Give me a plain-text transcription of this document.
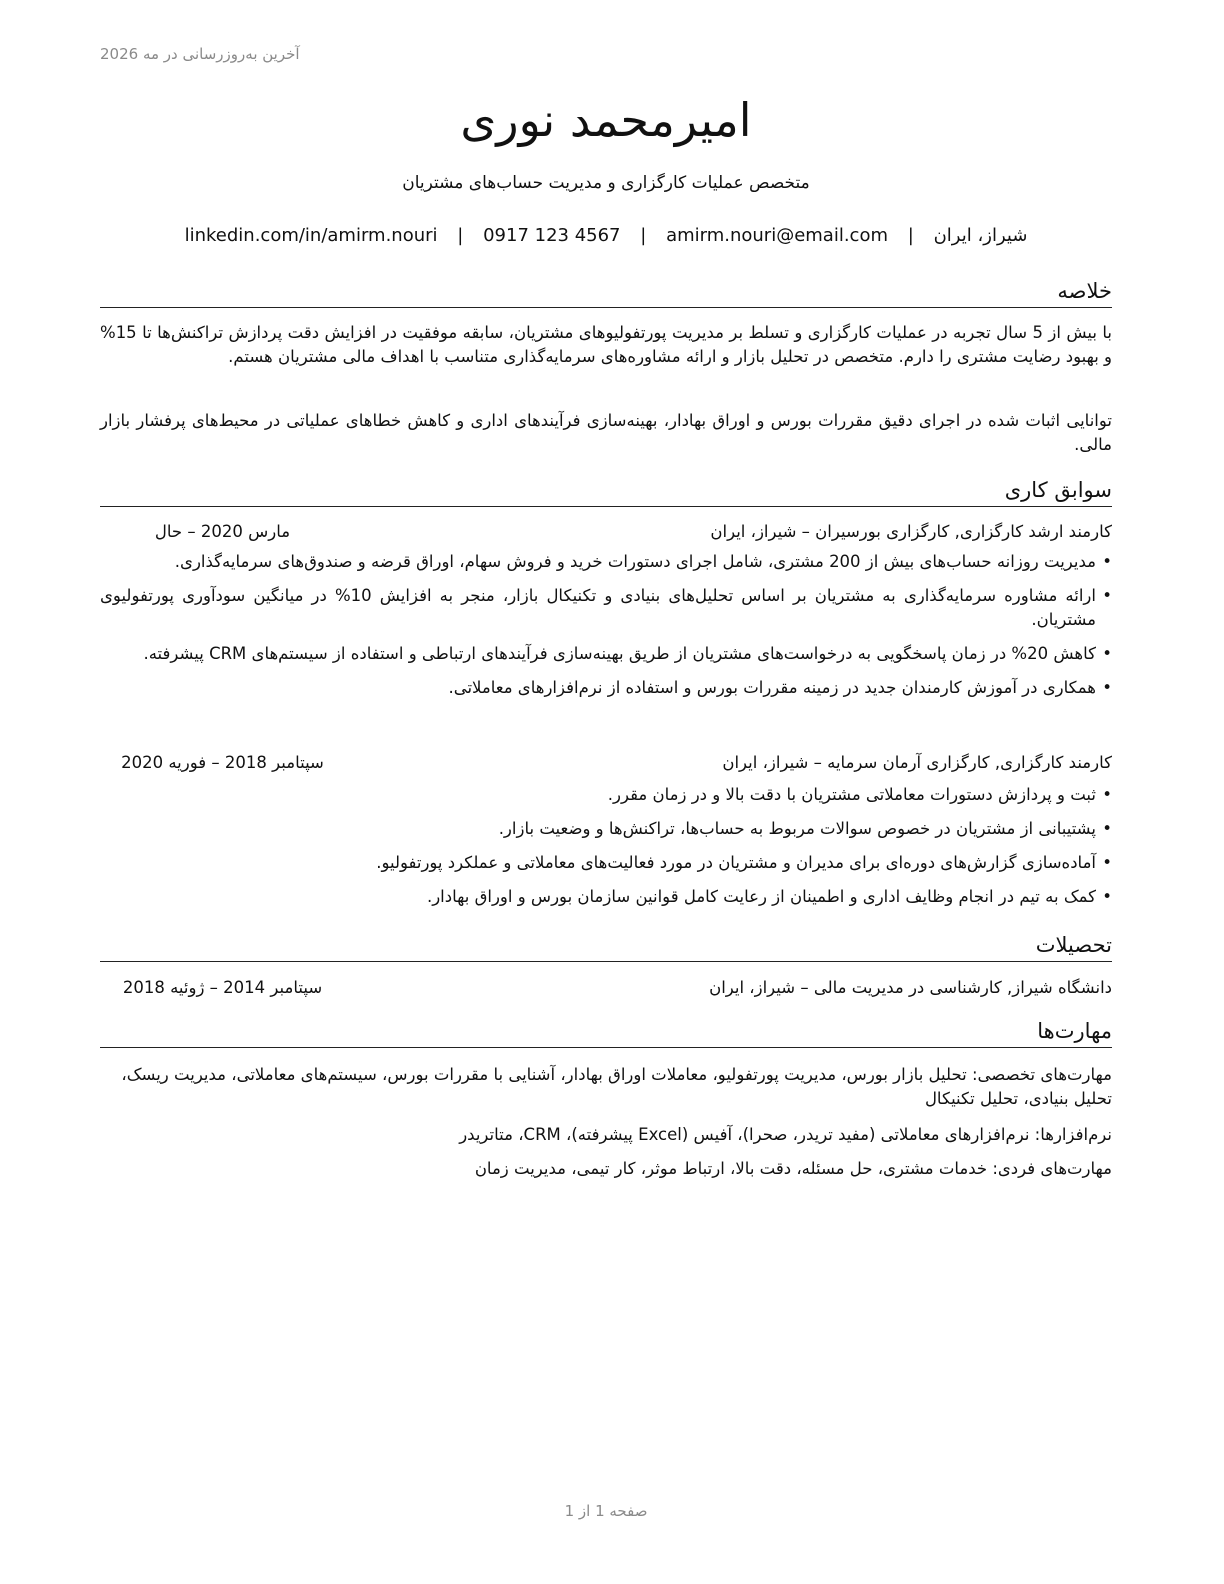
آخرین به‌روزرسانی در مه 2026
امیرمحمد نوری
متخصص عملیات کارگزاری و مدیریت حساب‌های مشتریان
شیراز، ایران | amirm.nouri@email.com | 0917 123 4567 | linkedin.com/in/amirm.nouri
خلاصه
با بیش از 5 سال تجربه در عملیات کارگزاری و تسلط بر مدیریت پورتفولیوهای مشتریان، سابقه موفقیت در افزایش دقت پردازش تراکنش‌ها تا 15% و بهبود رضایت مشتری را دارم. متخصص در تحلیل بازار و ارائه مشاوره‌های سرمایه‌گذاری متناسب با اهداف مالی مشتریان هستم.
توانایی اثبات شده در اجرای دقیق مقررات بورس و اوراق بهادار، بهینه‌سازی فرآیندهای اداری و کاهش خطاهای عملیاتی در محیط‌های پرفشار بازار مالی.
سوابق کاری
کارمند ارشد کارگزاری, کارگزاری بورسیران – شیراز، ایران
مارس 2020 – حال
• مدیریت روزانه حساب‌های بیش از 200 مشتری، شامل اجرای دستورات خرید و فروش سهام، اوراق قرضه و صندوق‌های سرمایه‌گذاری.
• ارائه مشاوره سرمایه‌گذاری به مشتریان بر اساس تحلیل‌های بنیادی و تکنیکال بازار، منجر به افزایش 10% در میانگین سودآوری پورتفولیوی مشتریان.
• کاهش 20% در زمان پاسخگویی به درخواست‌های مشتریان از طریق بهینه‌سازی فرآیندهای ارتباطی و استفاده از سیستم‌های CRM پیشرفته.
• همکاری در آموزش کارمندان جدید در زمینه مقررات بورس و استفاده از نرم‌افزارهای معاملاتی.
کارمند کارگزاری, کارگزاری آرمان سرمایه – شیراز، ایران
سپتامبر 2018 – فوریه 2020
• ثبت و پردازش دستورات معاملاتی مشتریان با دقت بالا و در زمان مقرر.
• پشتیبانی از مشتریان در خصوص سوالات مربوط به حساب‌ها، تراکنش‌ها و وضعیت بازار.
• آماده‌سازی گزارش‌های دوره‌ای برای مدیران و مشتریان در مورد فعالیت‌های معاملاتی و عملکرد پورتفولیو.
• کمک به تیم در انجام وظایف اداری و اطمینان از رعایت کامل قوانین سازمان بورس و اوراق بهادار.
تحصیلات
دانشگاه شیراز, کارشناسی در مدیریت مالی – شیراز، ایران
سپتامبر 2014 – ژوئیه 2018
مهارت‌ها
مهارت‌های تخصصی: تحلیل بازار بورس، مدیریت پورتفولیو، معاملات اوراق بهادار، آشنایی با مقررات بورس، سیستم‌های معاملاتی، مدیریت ریسک، تحلیل بنیادی، تحلیل تکنیکال
نرم‌افزارها: نرم‌افزارهای معاملاتی (مفید تریدر، صحرا)، آفیس (Excel پیشرفته)، CRM، متاتریدر
مهارت‌های فردی: خدمات مشتری، حل مسئله، دقت بالا، ارتباط موثر، کار تیمی، مدیریت زمان
صفحه 1 از 1
